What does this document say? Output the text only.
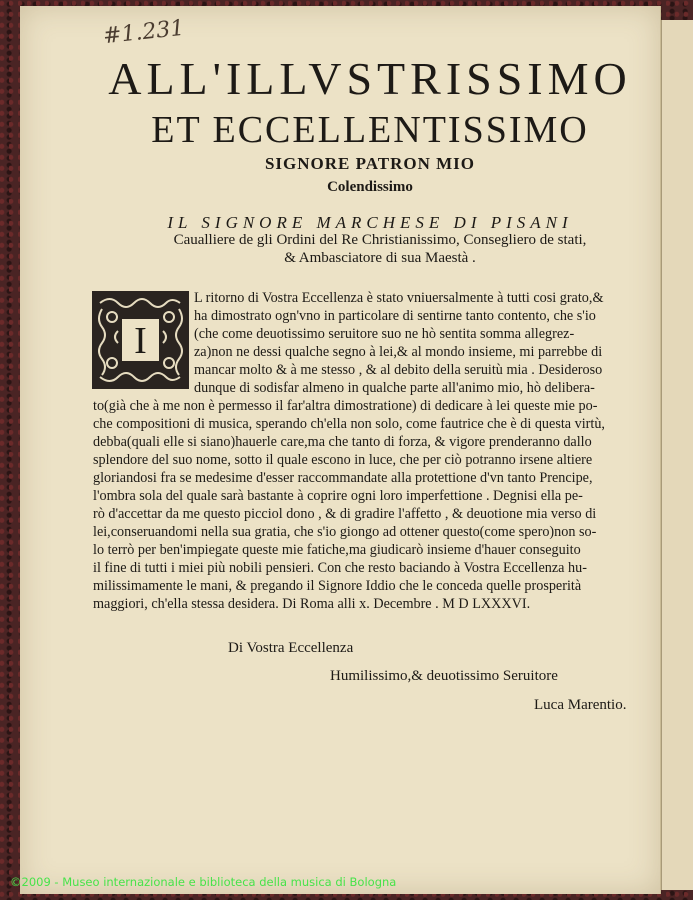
#1.231
ALL'ILLVSTRISSIMO
ET ECCELLENTISSIMO
SIGNORE PATRON MIO
Colendissimo
IL SIGNORE MARCHESE DI PISANI
Caualliere de gli Ordini del Re Christianissimo, Consegliero de stati,
& Ambasciatore di sua Maestà .
I
L ritorno di Vostra Eccellenza è stato vniuersalmente à tutti cosi grato,&
ha dimostrato ogn'vno in particolare di sentirne tanto contento, che s'io
(che come deuotissimo seruitore suo ne hò sentita somma allegrez-
za)non ne dessi qualche segno à lei,& al mondo insieme, mi parrebbe di
mancar molto & à me stesso , & al debito della seruitù mia . Desideroso
dunque di sodisfar almeno in qualche parte all'animo mio, hò delibera-
to(già che à me non è permesso il far'altra dimostratione) di dedicare à lei queste mie po-
che compositioni di musica, sperando ch'ella non solo, come fautrice che è di questa virtù,
debba(quali elle si siano)hauerle care,ma che tanto di forza, & vigore prenderanno dallo
splendore del suo nome, sotto il quale escono in luce, che per ciò potranno irsene altiere
gloriandosi fra se medesime d'esser raccommandate alla protettione d'vn tanto Prencipe,
l'ombra sola del quale sarà bastante à coprire ogni loro imperfettione . Degnisi ella pe-
rò d'accettar da me questo picciol dono , & di gradire l'affetto , & deuotione mia verso di
lei,conseruandomi nella sua gratia, che s'io giongo ad ottener questo(come spero)non so-
lo terrò per ben'impiegate queste mie fatiche,ma giudicarò insieme d'hauer conseguito
il fine di tutti i miei più nobili pensieri. Con che resto baciando à Vostra Eccellenza hu-
milissimamente le mani, & pregando il Signore Iddio che le conceda quelle prosperità
maggiori, ch'ella stessa desidera. Di Roma alli x. Decembre . M D LXXXVI.
Di Vostra Eccellenza
Humilissimo,& deuotissimo Seruitore
Luca Marentio.
©2009 - Museo internazionale e biblioteca della musica di Bologna
